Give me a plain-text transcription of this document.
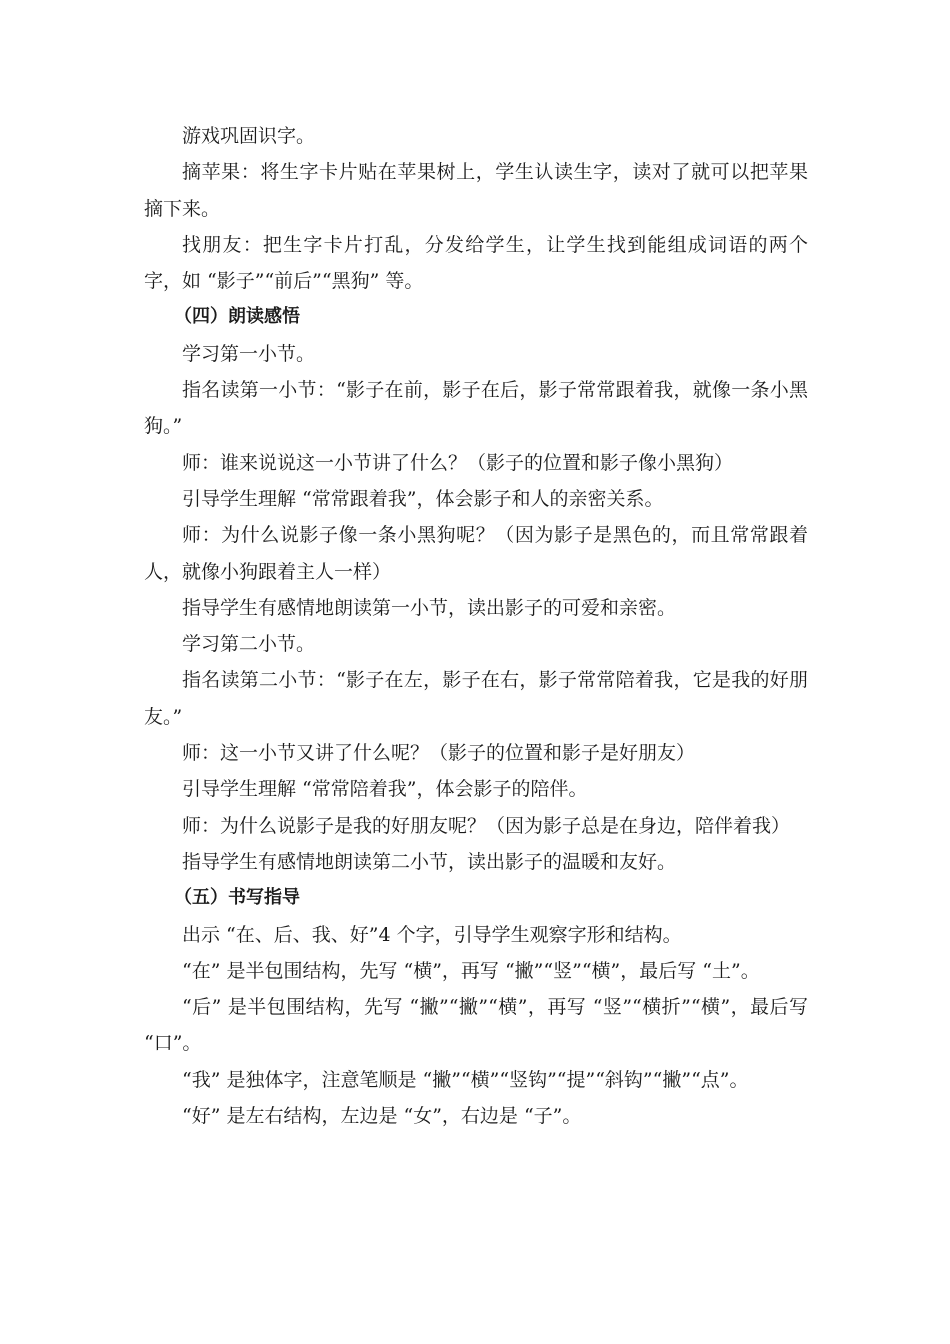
游戏巩固识字。

摘苹果：将生字卡片贴在苹果树上，学生认读生字，读对了就可以把苹果摘下来。

找朋友：把生字卡片打乱，分发给学生，让学生找到能组成词语的两个字，如 “影子”“前后”“黑狗” 等。

（四）朗读感悟

学习第一小节。

指名读第一小节：“影子在前，影子在后，影子常常跟着我，就像一条小黑狗。”

师：谁来说说这一小节讲了什么？（影子的位置和影子像小黑狗）

引导学生理解 “常常跟着我”，体会影子和人的亲密关系。

师：为什么说影子像一条小黑狗呢？（因为影子是黑色的，而且常常跟着人，就像小狗跟着主人一样）

指导学生有感情地朗读第一小节，读出影子的可爱和亲密。

学习第二小节。

指名读第二小节：“影子在左，影子在右，影子常常陪着我，它是我的好朋友。”

师：这一小节又讲了什么呢？（影子的位置和影子是好朋友）

引导学生理解 “常常陪着我”，体会影子的陪伴。

师：为什么说影子是我的好朋友呢？（因为影子总是在身边，陪伴着我）

指导学生有感情地朗读第二小节，读出影子的温暖和友好。

（五）书写指导

出示 “在、后、我、好”4 个字，引导学生观察字形和结构。

“在” 是半包围结构，先写 “横”，再写 “撇”“竖”“横”，最后写 “土”。

“后” 是半包围结构，先写 “撇”“撇”“横”，再写 “竖”“横折”“横”，最后写 “口”。

“我” 是独体字，注意笔顺是 “撇”“横”“竖钩”“提”“斜钩”“撇”“点”。

“好” 是左右结构，左边是 “女”，右边是 “子”。
